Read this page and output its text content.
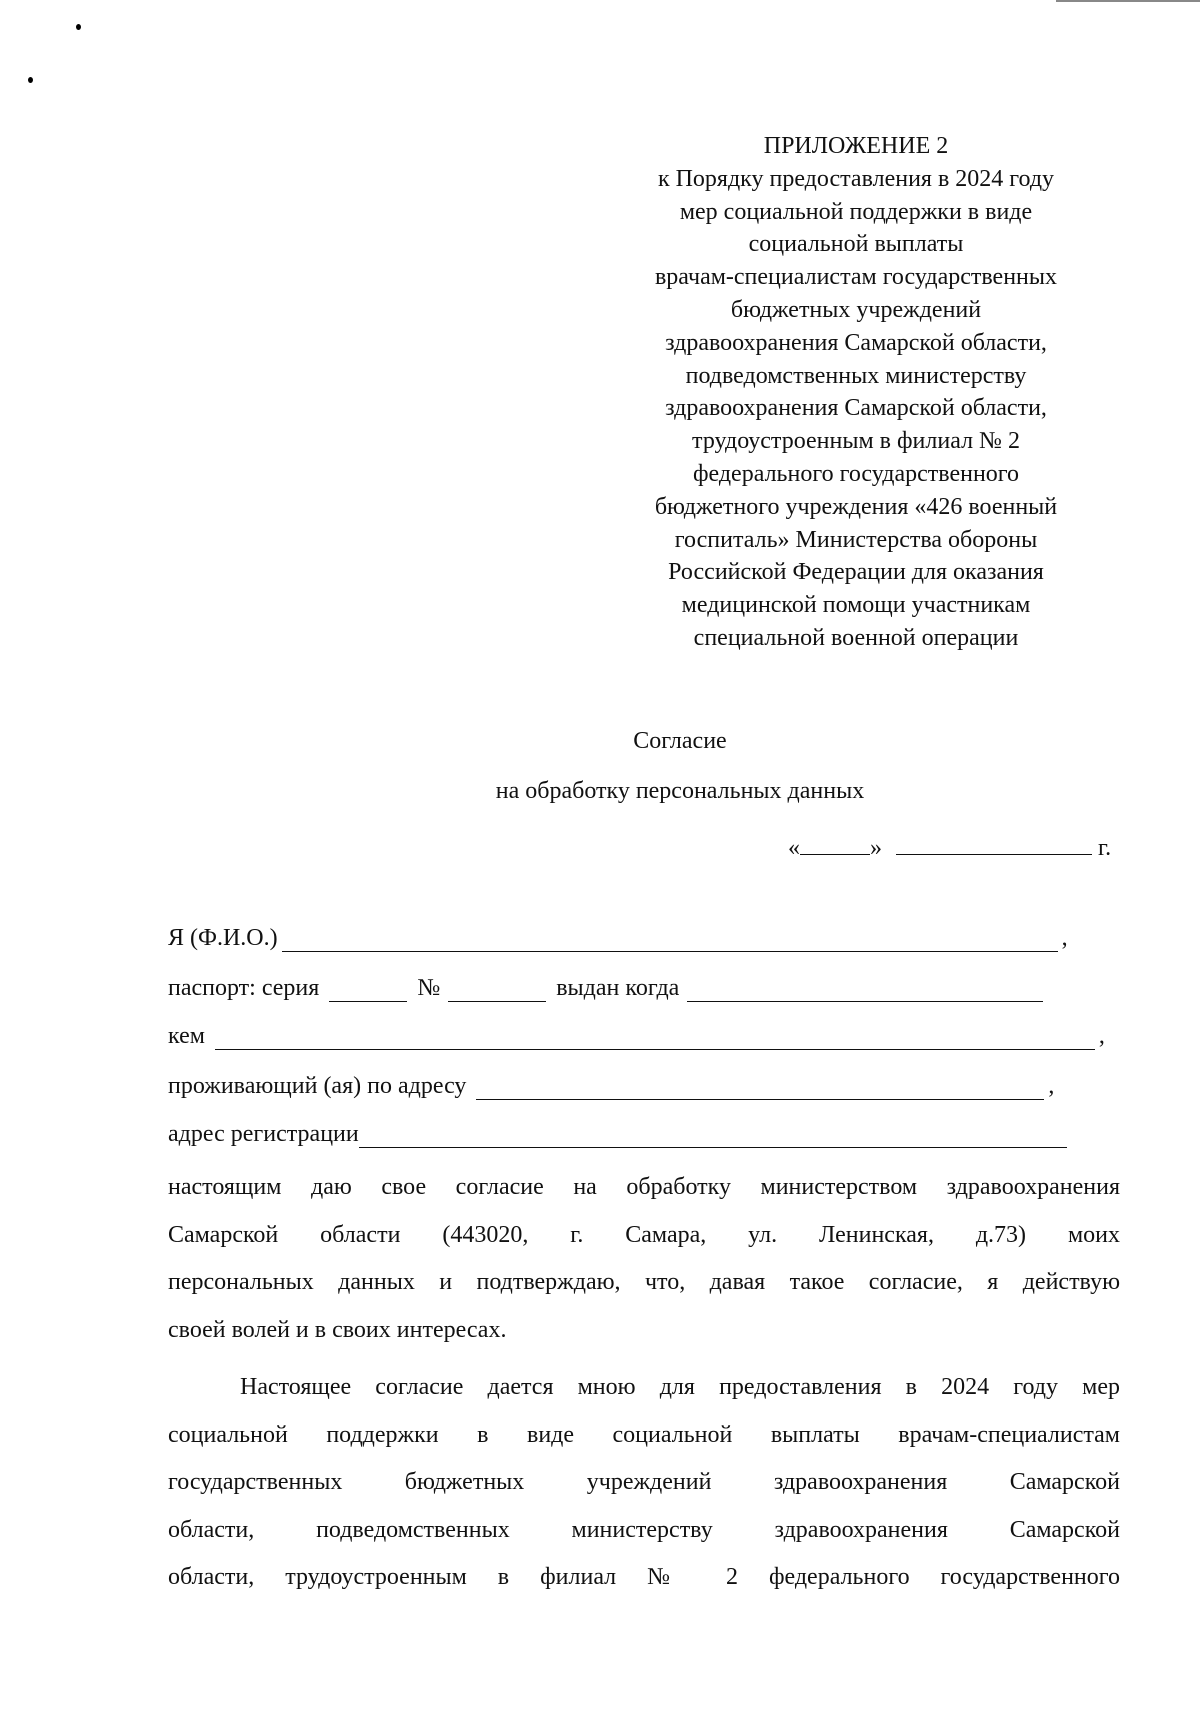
ПРИЛОЖЕНИЕ 2
к Порядку предоставления в 2024 году
мер социальной поддержки в виде
социальной выплаты
врачам-специалистам государственных
бюджетных учреждений
здравоохранения Самарской области,
подведомственных министерству
здравоохранения Самарской области,
трудоустроенным в филиал № 2
федерального государственного
бюджетного учреждения «426 военный
госпиталь» Министерства обороны
Российской Федерации для оказания
медицинской помощи участникам
специальной военной операции
Согласие
на обработку персональных данных
«	»	г.
Я (Ф.И.О.)	,
паспорт: серия	№	выдан когда
кем	,
проживающий (ая) по адресу	,
адрес регистрации
настоящим даю свое согласие на обработку министерством здравоохранения
Самарской области (443020, г. Самара, ул. Ленинская, д.73) моих
персональных данных и подтверждаю, что, давая такое согласие, я действую
своей волей и в своих интересах.
Настоящее согласие дается мною для предоставления в 2024 году мер
социальной поддержки в виде социальной выплаты врачам-специалистам
государственных бюджетных учреждений здравоохранения Самарской
области, подведомственных министерству здравоохранения Самарской
области, трудоустроенным в филиал № 2 федерального государственного
